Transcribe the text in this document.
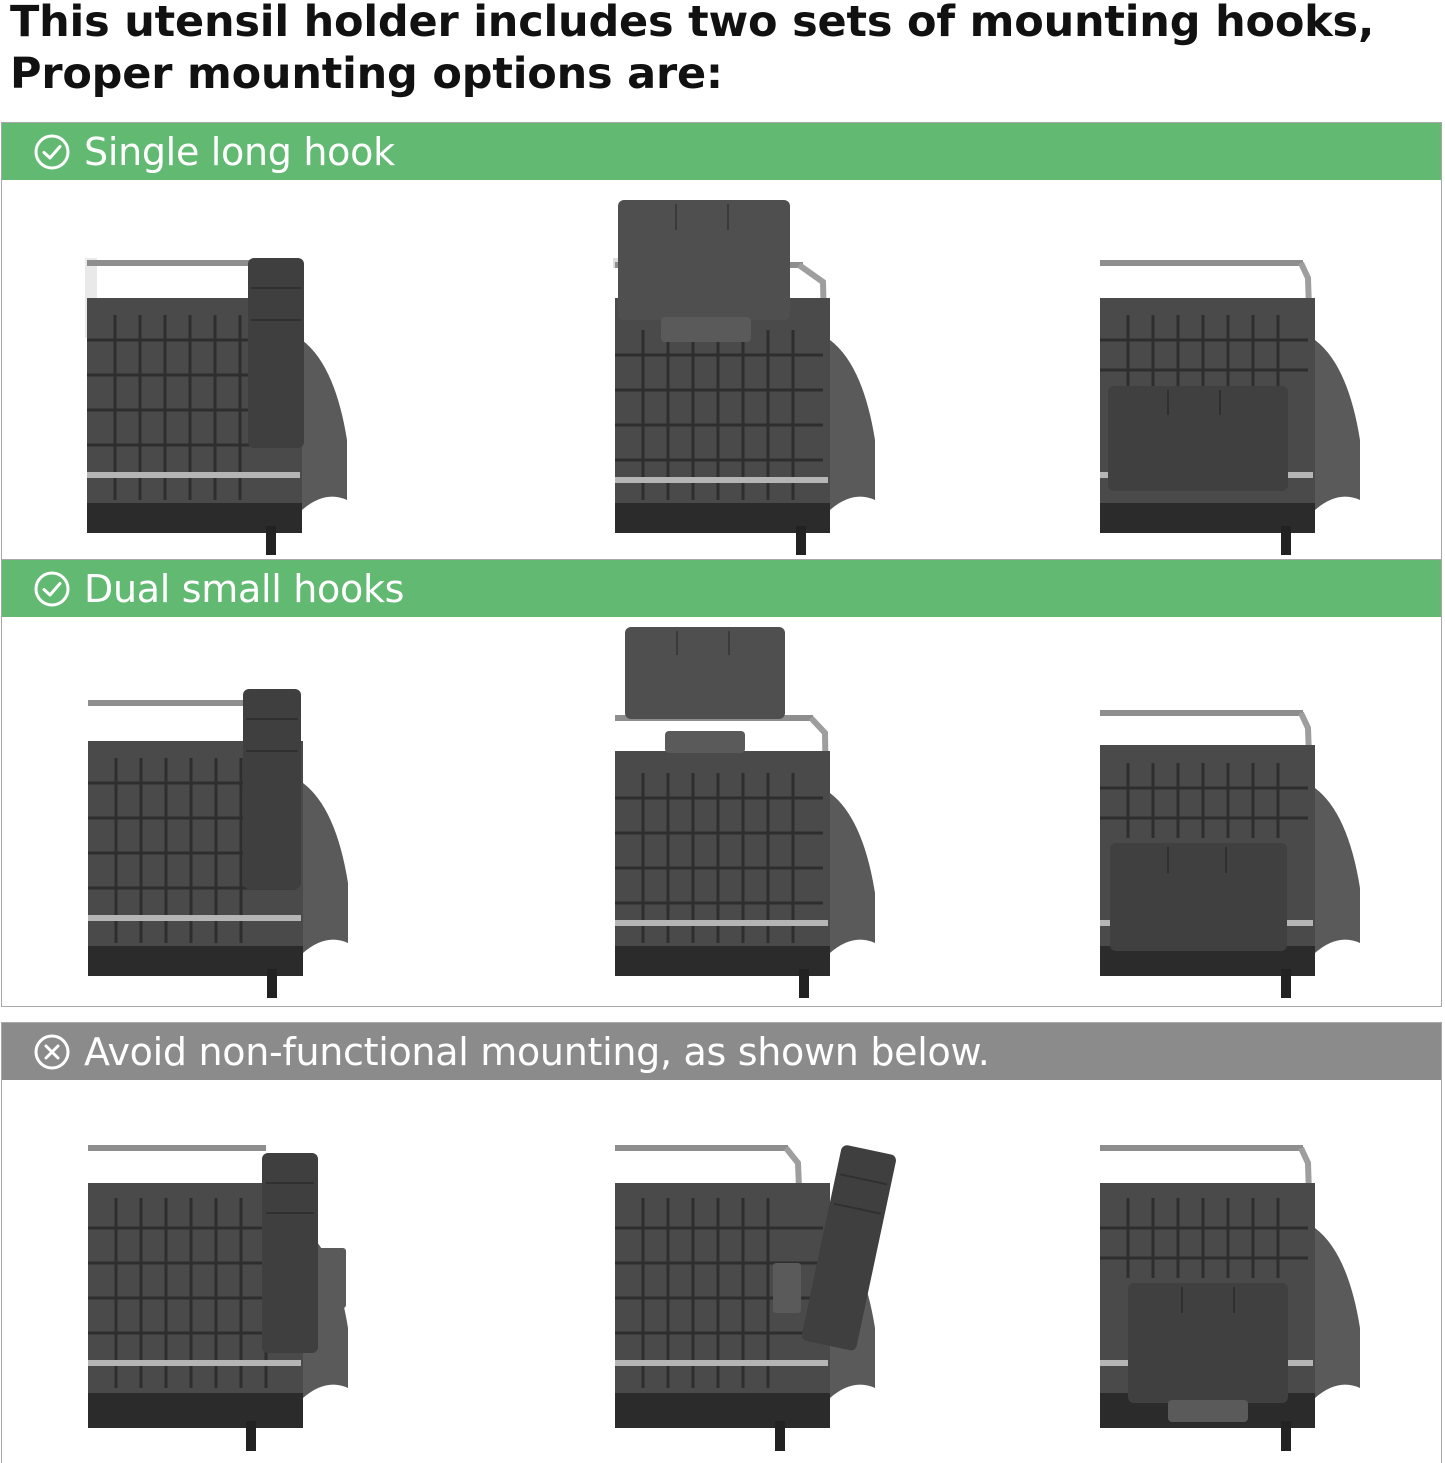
This utensil holder includes two sets of mounting hooks,
Proper mounting options are:
Single long hook
Dual small hooks
Avoid non-functional mounting, as shown below.
